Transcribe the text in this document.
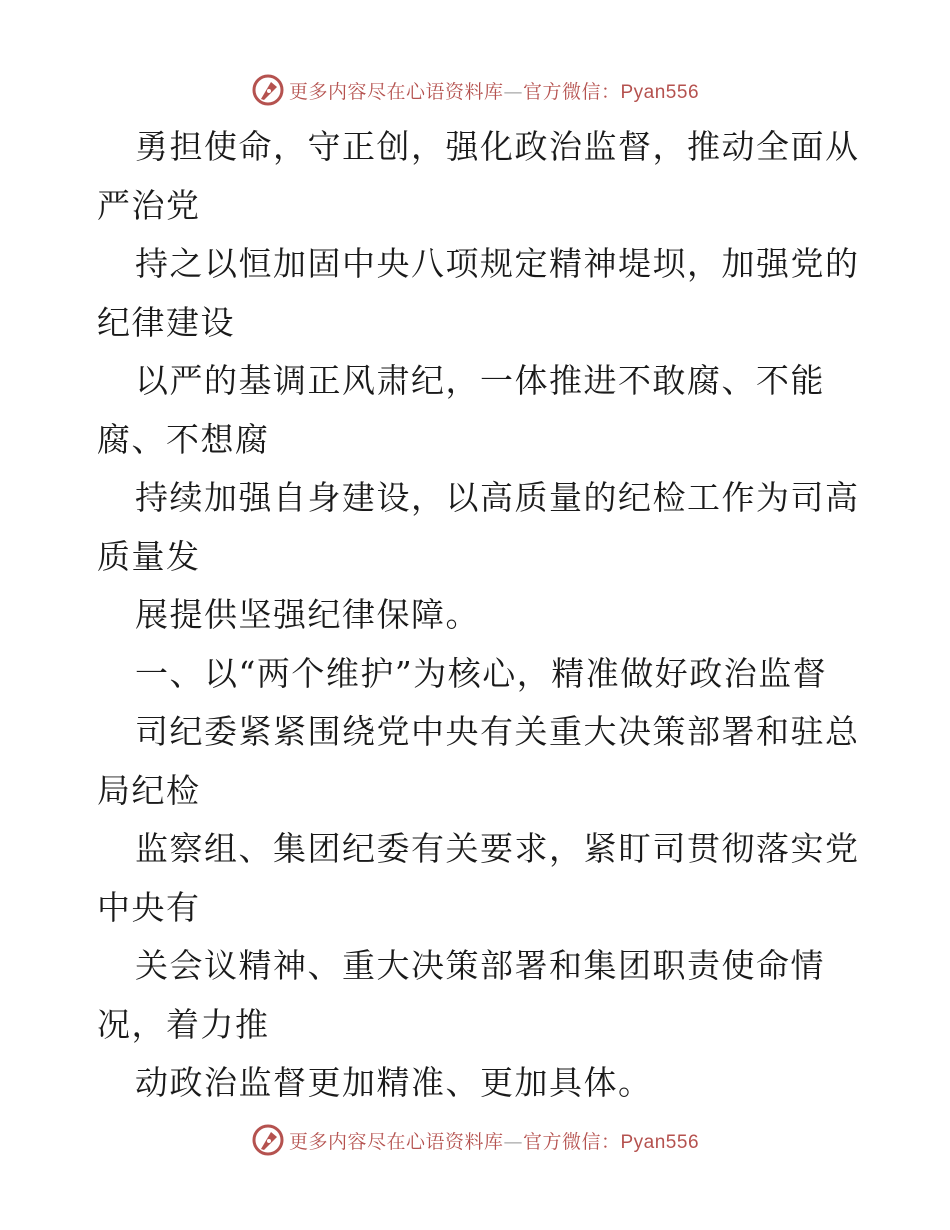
更多内容尽在心语资料库—官方微信：Pyan556
勇担使命，守正创，强化政治监督，推动全面从
严治党
持之以恒加固中央八项规定精神堤坝，加强党的
纪律建设
以严的基调正风肃纪，一体推进不敢腐、不能
腐、不想腐
持续加强自身建设，以高质量的纪检工作为司高
质量发
展提供坚强纪律保障。
一、以“两个维护”为核心，精准做好政治监督
司纪委紧紧围绕党中央有关重大决策部署和驻总
局纪检
监察组、集团纪委有关要求，紧盯司贯彻落实党
中央有
关会议精神、重大决策部署和集团职责使命情
况，着力推
动政治监督更加精准、更加具体。
更多内容尽在心语资料库—官方微信：Pyan556
